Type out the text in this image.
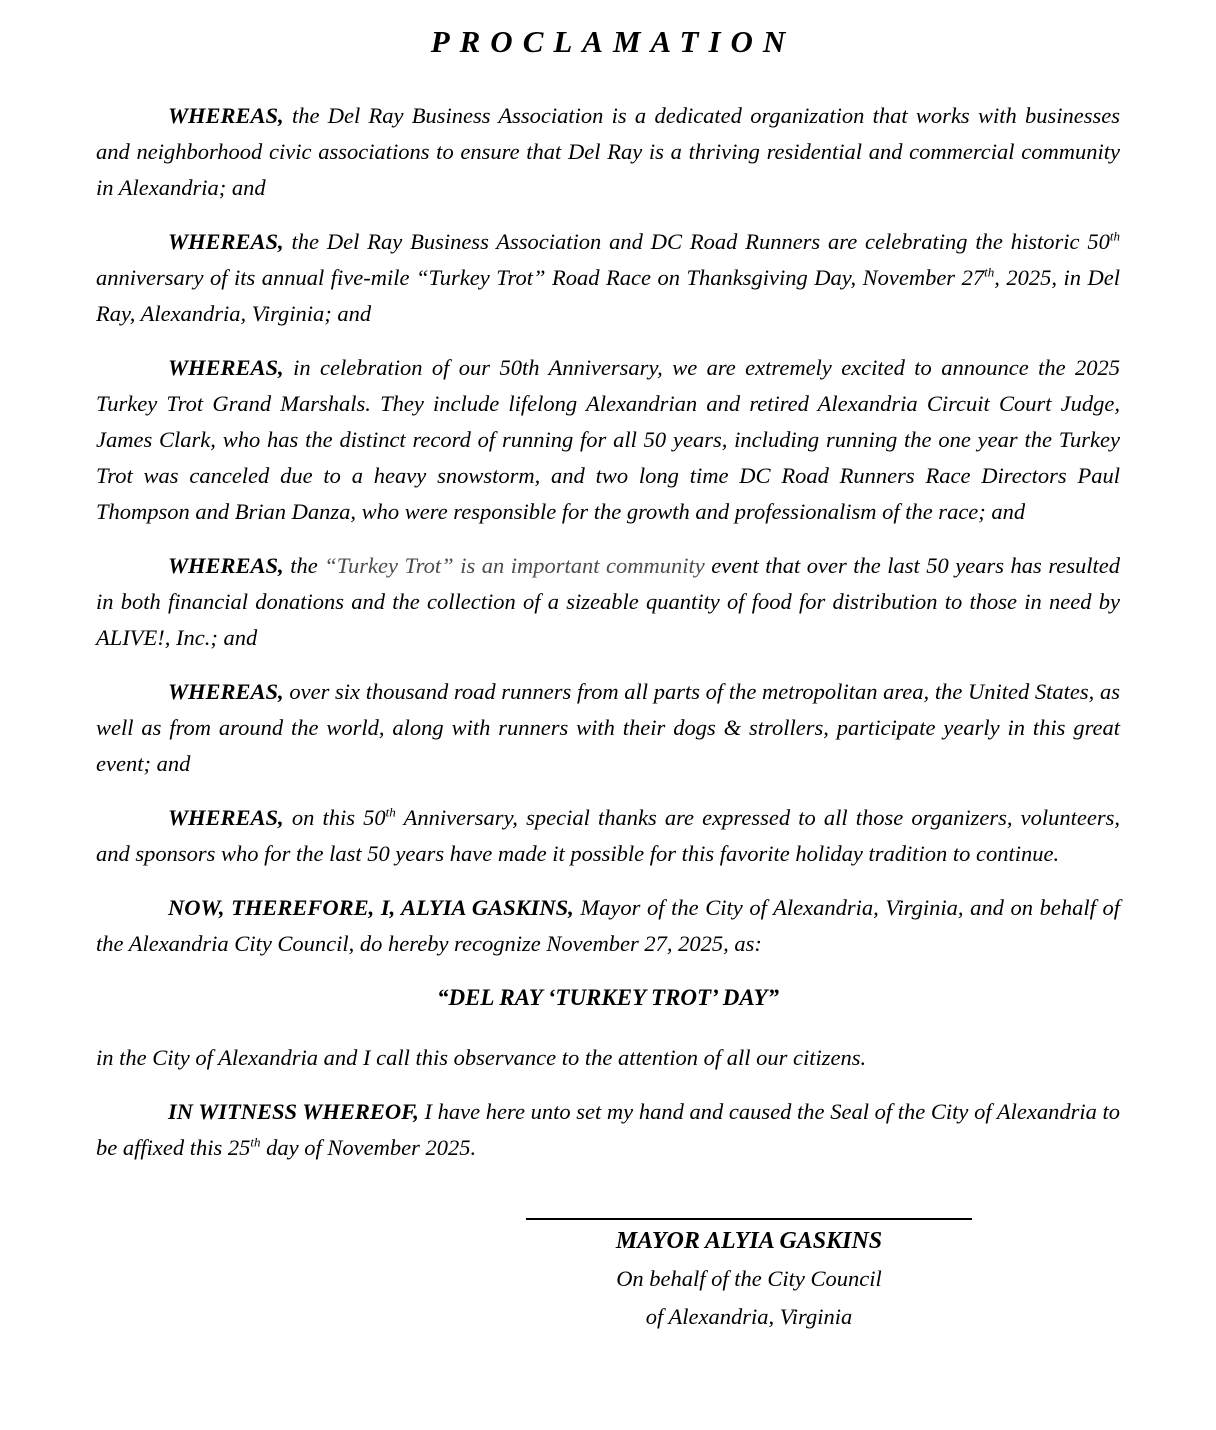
PROCLAMATION

WHEREAS, the Del Ray Business Association is a dedicated organization that works with businesses and neighborhood civic associations to ensure that Del Ray is a thriving residential and commercial community in Alexandria; and

WHEREAS, the Del Ray Business Association and DC Road Runners are celebrating the historic 50th anniversary of its annual five-mile “Turkey Trot” Road Race on Thanksgiving Day, November 27th, 2025, in Del Ray, Alexandria, Virginia; and

WHEREAS, in celebration of our 50th Anniversary, we are extremely excited to announce the 2025 Turkey Trot Grand Marshals. They include lifelong Alexandrian and retired Alexandria Circuit Court Judge, James Clark, who has the distinct record of running for all 50 years, including running the one year the Turkey Trot was canceled due to a heavy snowstorm, and two long time DC Road Runners Race Directors Paul Thompson and Brian Danza, who were responsible for the growth and professionalism of the race; and

WHEREAS, the “Turkey Trot” is an important community event that over the last 50 years has resulted in both financial donations and the collection of a sizeable quantity of food for distribution to those in need by ALIVE!, Inc.; and

WHEREAS, over six thousand road runners from all parts of the metropolitan area, the United States, as well as from around the world, along with runners with their dogs & strollers, participate yearly in this great event; and

WHEREAS, on this 50th Anniversary, special thanks are expressed to all those organizers, volunteers, and sponsors who for the last 50 years have made it possible for this favorite holiday tradition to continue.

NOW, THEREFORE, I, ALYIA GASKINS, Mayor of the City of Alexandria, Virginia, and on behalf of the Alexandria City Council, do hereby recognize November 27, 2025, as:

“DEL RAY ‘TURKEY TROT’ DAY”

in the City of Alexandria and I call this observance to the attention of all our citizens.

IN WITNESS WHEREOF, I have here unto set my hand and caused the Seal of the City of Alexandria to be affixed this 25th day of November 2025.

MAYOR ALYIA GASKINS
On behalf of the City Council
of Alexandria, Virginia
